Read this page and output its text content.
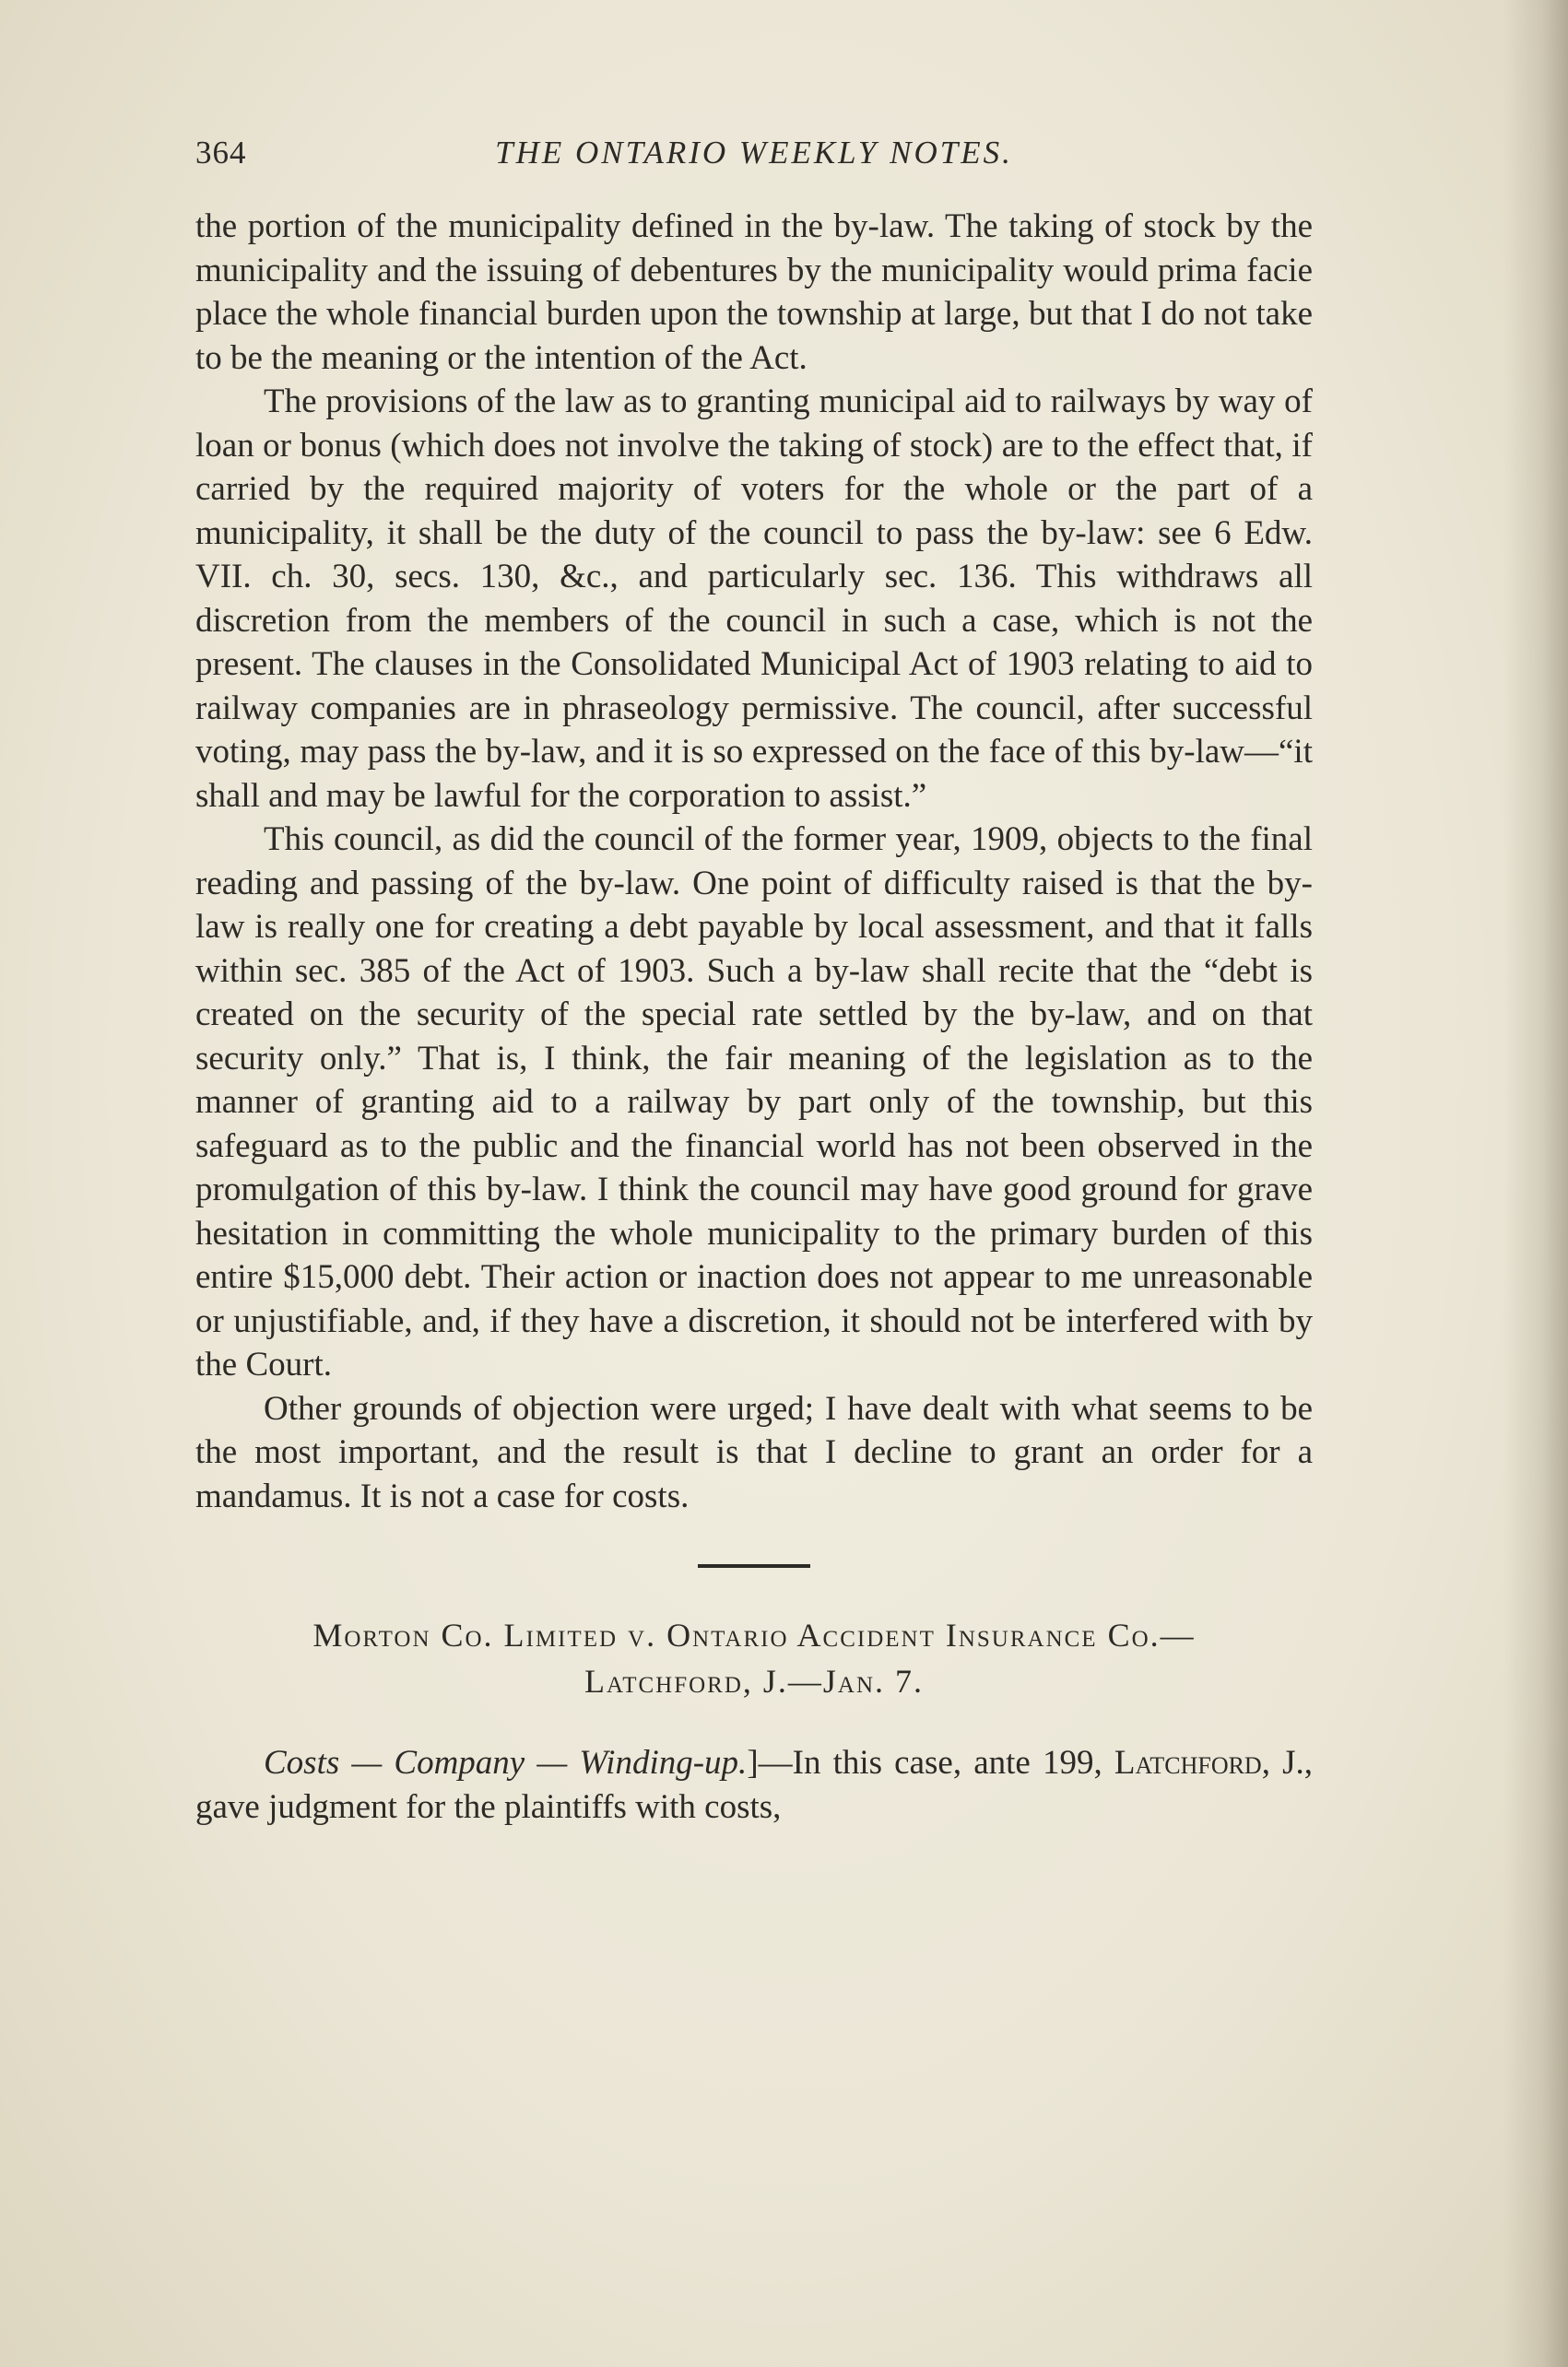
364	THE ONTARIO WEEKLY NOTES.

the portion of the municipality defined in the by-law. The taking of stock by the municipality and the issuing of debentures by the municipality would prima facie place the whole financial burden upon the township at large, but that I do not take to be the meaning or the intention of the Act.

The provisions of the law as to granting municipal aid to railways by way of loan or bonus (which does not involve the taking of stock) are to the effect that, if carried by the required majority of voters for the whole or the part of a municipality, it shall be the duty of the council to pass the by-law: see 6 Edw. VII. ch. 30, secs. 130, &c., and particularly sec. 136. This withdraws all discretion from the members of the council in such a case, which is not the present. The clauses in the Consolidated Municipal Act of 1903 relating to aid to railway companies are in phraseology permissive. The council, after successful voting, may pass the by-law, and it is so expressed on the face of this by-law—“it shall and may be lawful for the corporation to assist.”

This council, as did the council of the former year, 1909, objects to the final reading and passing of the by-law. One point of difficulty raised is that the by-law is really one for creating a debt payable by local assessment, and that it falls within sec. 385 of the Act of 1903. Such a by-law shall recite that the “debt is created on the security of the special rate settled by the by-law, and on that security only.” That is, I think, the fair meaning of the legislation as to the manner of granting aid to a railway by part only of the township, but this safeguard as to the public and the financial world has not been observed in the promulgation of this by-law. I think the council may have good ground for grave hesitation in committing the whole municipality to the primary burden of this entire $15,000 debt. Their action or inaction does not appear to me unreasonable or unjustifiable, and, if they have a discretion, it should not be interfered with by the Court.

Other grounds of objection were urged; I have dealt with what seems to be the most important, and the result is that I decline to grant an order for a mandamus. It is not a case for costs.

Morton Co. Limited v. Ontario Accident Insurance Co.—

Latchford, J.—Jan. 7.

Costs — Company — Winding-up.]—In this case, ante 199, Latchford, J., gave judgment for the plaintiffs with costs,
